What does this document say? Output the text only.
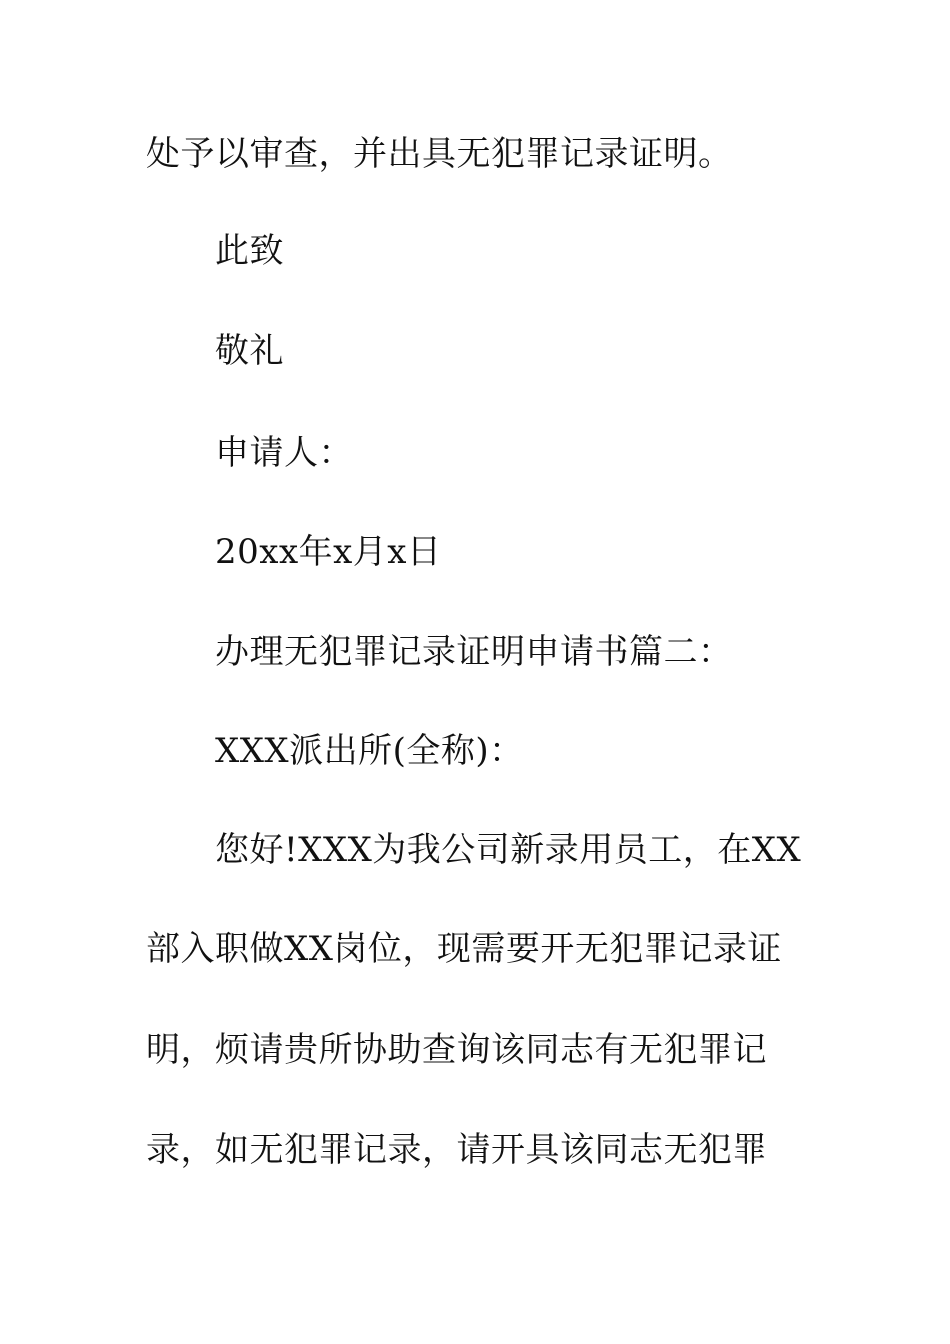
处予以审查，并出具无犯罪记录证明。
此致
敬礼
申请人：
20xx年x月x日
办理无犯罪记录证明申请书篇二：
XXX派出所(全称)：
您好!XXX为我公司新录用员工，在XX
部入职做XX岗位，现需要开无犯罪记录证
明，烦请贵所协助查询该同志有无犯罪记
录，如无犯罪记录，请开具该同志无犯罪
